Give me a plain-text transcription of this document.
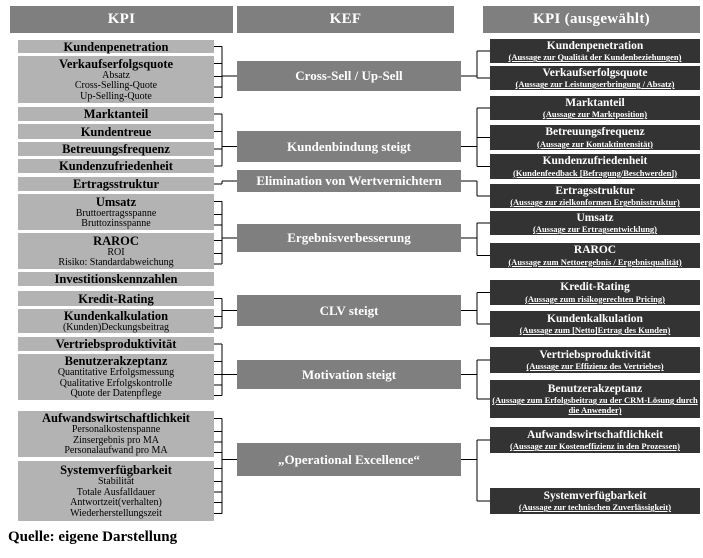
KPI	KEF	KPI (ausgewählt)
Kundenpenetration
Verkaufserfolgsquote
Absatz
Cross-Selling-Quote
Up-Selling-Quote
Marktanteil
Kundentreue
Betreuungsfrequenz
Kundenzufriedenheit
Ertragsstruktur
Umsatz
Bruttoertragsspanne
Bruttozinsspanne
RAROC
ROI
Risiko: Standardabweichung
Investitionskennzahlen
Kredit-Rating
Kundenkalkulation
(Kunden)Deckungsbeitrag
Vertriebsproduktivität
Benutzerakzeptanz
Quantitative Erfolgsmessung
Qualitative Erfolgskontrolle
Quote der Datenpflege
Aufwandswirtschaftlichkeit
Personalkostenspanne
Zinsergebnis pro MA
Personalaufwand pro MA
Systemverfügbarkeit
Stabilität
Totale Ausfalldauer
Antwortzeit(verhalten)
Wiederherstellungszeit
Cross-Sell / Up-Sell
Kundenbindung steigt
Elimination von Wertvernichtern
Ergebnisverbesserung
CLV steigt
Motivation steigt
„Operational Excellence“
Kundenpenetration
(Aussage zur Qualität der Kundenbeziehungen)
Verkaufserfolgsquote
(Aussage zur Leistungserbringung / Absatz)
Marktanteil
(Aussage zur Marktposition)
Betreuungsfrequenz
(Aussage zur Kontaktintensität)
Kundenzufriedenheit
(Kundenfeedback [Befragung/Beschwerden])
Ertragsstruktur
(Aussage zur zielkonformen Ergebnisstruktur)
Umsatz
(Aussage zur Ertragsentwicklung)
RAROC
(Aussage zum Nettoergebnis / Ergebnisqualität)
Kredit-Rating
(Aussage zum risikogerechten Pricing)
Kundenkalkulation
(Aussage zum [Netto]Ertrag des Kunden)
Vertriebsproduktivität
(Aussage zur Effizienz des Vertriebes)
Benutzerakzeptanz
(Aussage zum Erfolgsbeitrag zu der CRM-Lösung durch die Anwender)
Aufwandswirtschaftlichkeit
(Aussage zur Kosteneffizienz in den Prozessen)
Systemverfügbarkeit
(Aussage zur technischen Zuverlässigkeit)
Quelle: eigene Darstellung
